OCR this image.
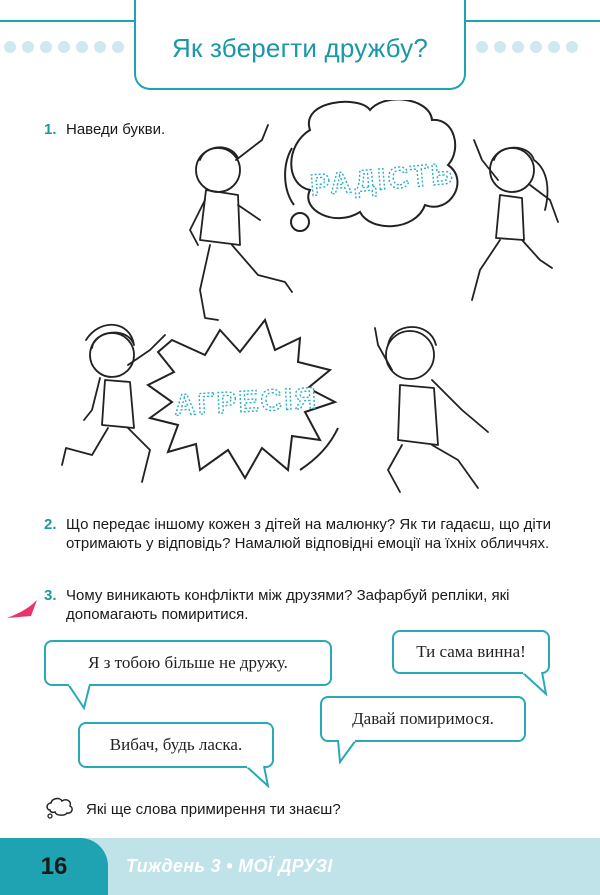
Як зберегти дружбу?
1. Наведи букви.
РАДІСТЬ
АГРЕСІЯ
2. Що передає іншому кожен з дітей на малюнку? Як ти гадаєш, що діти отримають у відповідь? Намалюй відповідні емоції на їхніх обличчях.
3. Чому виникають конфлікти між друзями? Зафарбуй репліки, які допомагають помиритися.
Я з тобою більше не дружу.
Ти сама винна!
Давай помиримося.
Вибач, будь ласка.
Які ще слова примирення ти знаєш?
16	Тиждень 3 • МОЇ ДРУЗІ
